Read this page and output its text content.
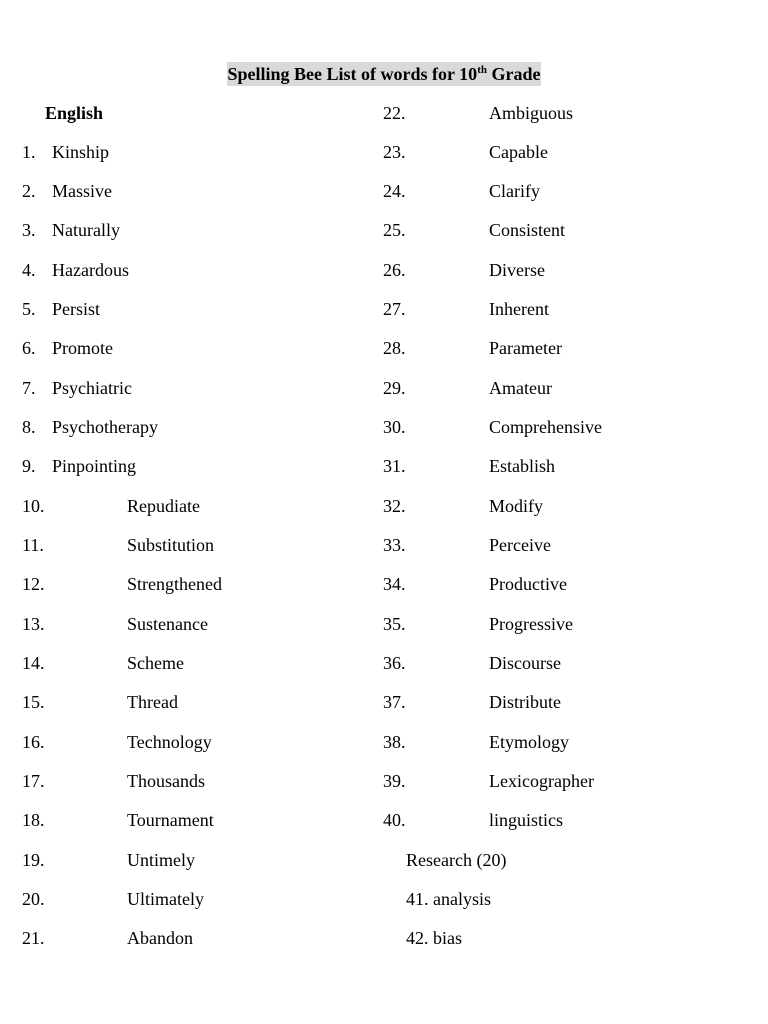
Spelling Bee List of words for 10th Grade
English
1. Kinship
2. Massive
3. Naturally
4. Hazardous
5. Persist
6. Promote
7. Psychiatric
8. Psychotherapy
9. Pinpointing
10.	Repudiate
11.	Substitution
12.	Strengthened
13.	Sustenance
14.	Scheme
15.	Thread
16.	Technology
17.	Thousands
18.	Tournament
19.	Untimely
20.	Ultimately
21.	Abandon
22.	Ambiguous
23.	Capable
24.	Clarify
25.	Consistent
26.	Diverse
27.	Inherent
28.	Parameter
29.	Amateur
30.	Comprehensive
31.	Establish
32.	Modify
33.	Perceive
34.	Productive
35.	Progressive
36.	Discourse
37.	Distribute
38.	Etymology
39.	Lexicographer
40.	linguistics
Research (20)
41. analysis
42. bias
